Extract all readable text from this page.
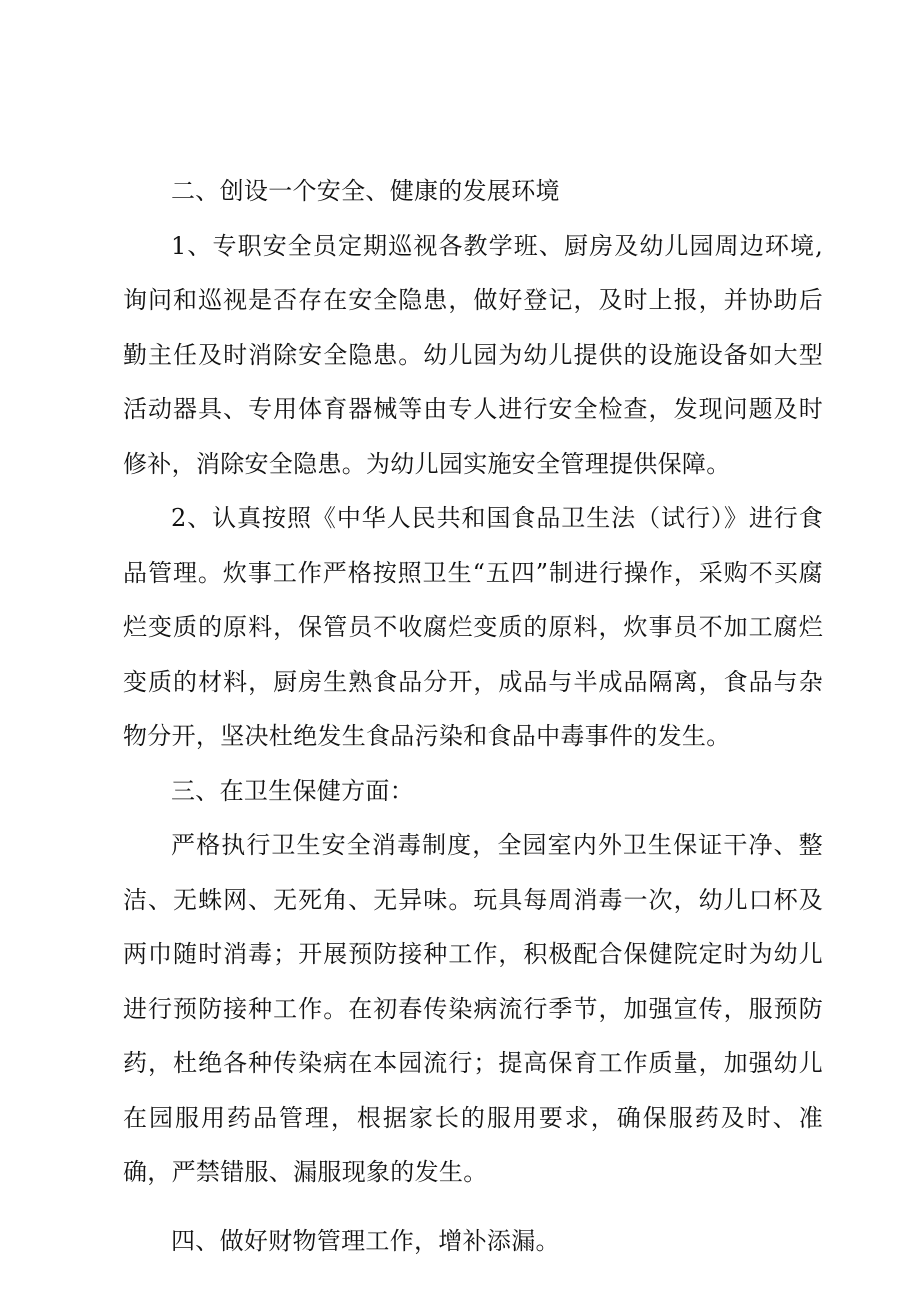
二、创设一个安全、健康的发展环境

1、专职安全员定期巡视各教学班、厨房及幼儿园周边环境,询问和巡视是否存在安全隐患，做好登记，及时上报，并协助后勤主任及时消除安全隐患。幼儿园为幼儿提供的设施设备如大型活动器具、专用体育器械等由专人进行安全检查，发现问题及时修补，消除安全隐患。为幼儿园实施安全管理提供保障。

2、认真按照《中华人民共和国食品卫生法（试行）》进行食品管理。炊事工作严格按照卫生“五四”制进行操作，采购不买腐烂变质的原料，保管员不收腐烂变质的原料，炊事员不加工腐烂变质的材料，厨房生熟食品分开，成品与半成品隔离，食品与杂物分开，坚决杜绝发生食品污染和食品中毒事件的发生。

三、在卫生保健方面：

严格执行卫生安全消毒制度，全园室内外卫生保证干净、整洁、无蛛网、无死角、无异味。玩具每周消毒一次，幼儿口杯及两巾随时消毒；开展预防接种工作，积极配合保健院定时为幼儿进行预防接种工作。在初春传染病流行季节，加强宣传，服预防药，杜绝各种传染病在本园流行；提高保育工作质量，加强幼儿在园服用药品管理，根据家长的服用要求，确保服药及时、准确，严禁错服、漏服现象的发生。

四、做好财物管理工作，增补添漏。
